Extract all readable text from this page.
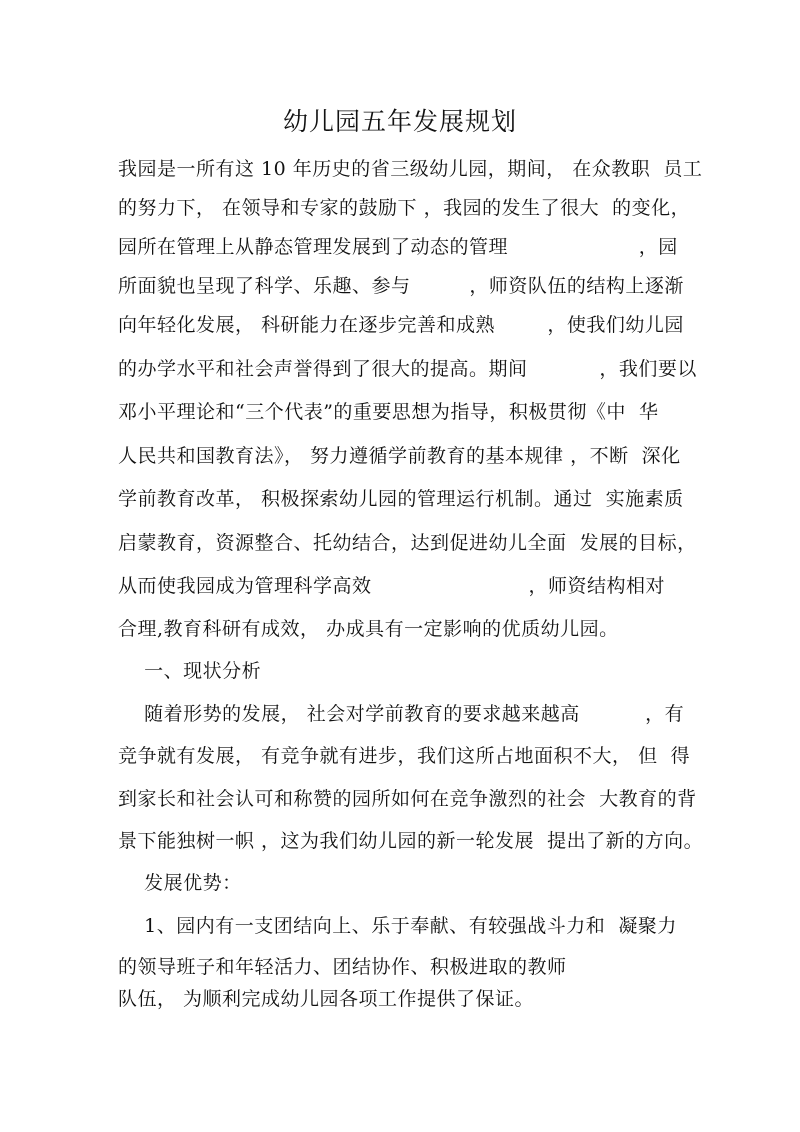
幼儿园五年发展规划
我园是一所有这 10 年历史的省三级幼儿园，期间， 在众教职  员工
的努力下， 在领导和专家的鼓励下 ，我园的发生了很大  的变化，
园所在管理上从静态管理发展到了动态的管理                    ，园
所面貌也呈现了科学、乐趣、参与         ，师资队伍的结构上逐渐
向年轻化发展， 科研能力在逐步完善和成熟        ，使我们幼儿园
的办学水平和社会声誉得到了很大的提高。期间           ，我们要以
邓小平理论和“三个代表”的重要思想为指导，积极贯彻《中  华
人民共和国教育法》， 努力遵循学前教育的基本规律 ，不断  深化
学前教育改革， 积极探索幼儿园的管理运行机制。通过  实施素质
启蒙教育，资源整合、托幼结合，达到促进幼儿全面  发展的目标，
从而使我园成为管理科学高效                        ，师资结构相对
合理,教育科研有成效， 办成具有一定影响的优质幼儿园。
一、现状分析
随着形势的发展， 社会对学前教育的要求越来越高          ，有
竞争就有发展， 有竞争就有进步，我们这所占地面积不大， 但  得
到家长和社会认可和称赞的园所如何在竞争激烈的社会  大教育的背
景下能独树一帜 ，这为我们幼儿园的新一轮发展  提出了新的方向。
发展优势：
1、园内有一支团结向上、乐于奉献、有较强战斗力和  凝聚力
的领导班子和年轻活力、团结协作、积极进取的教师
队伍， 为顺利完成幼儿园各项工作提供了保证。
